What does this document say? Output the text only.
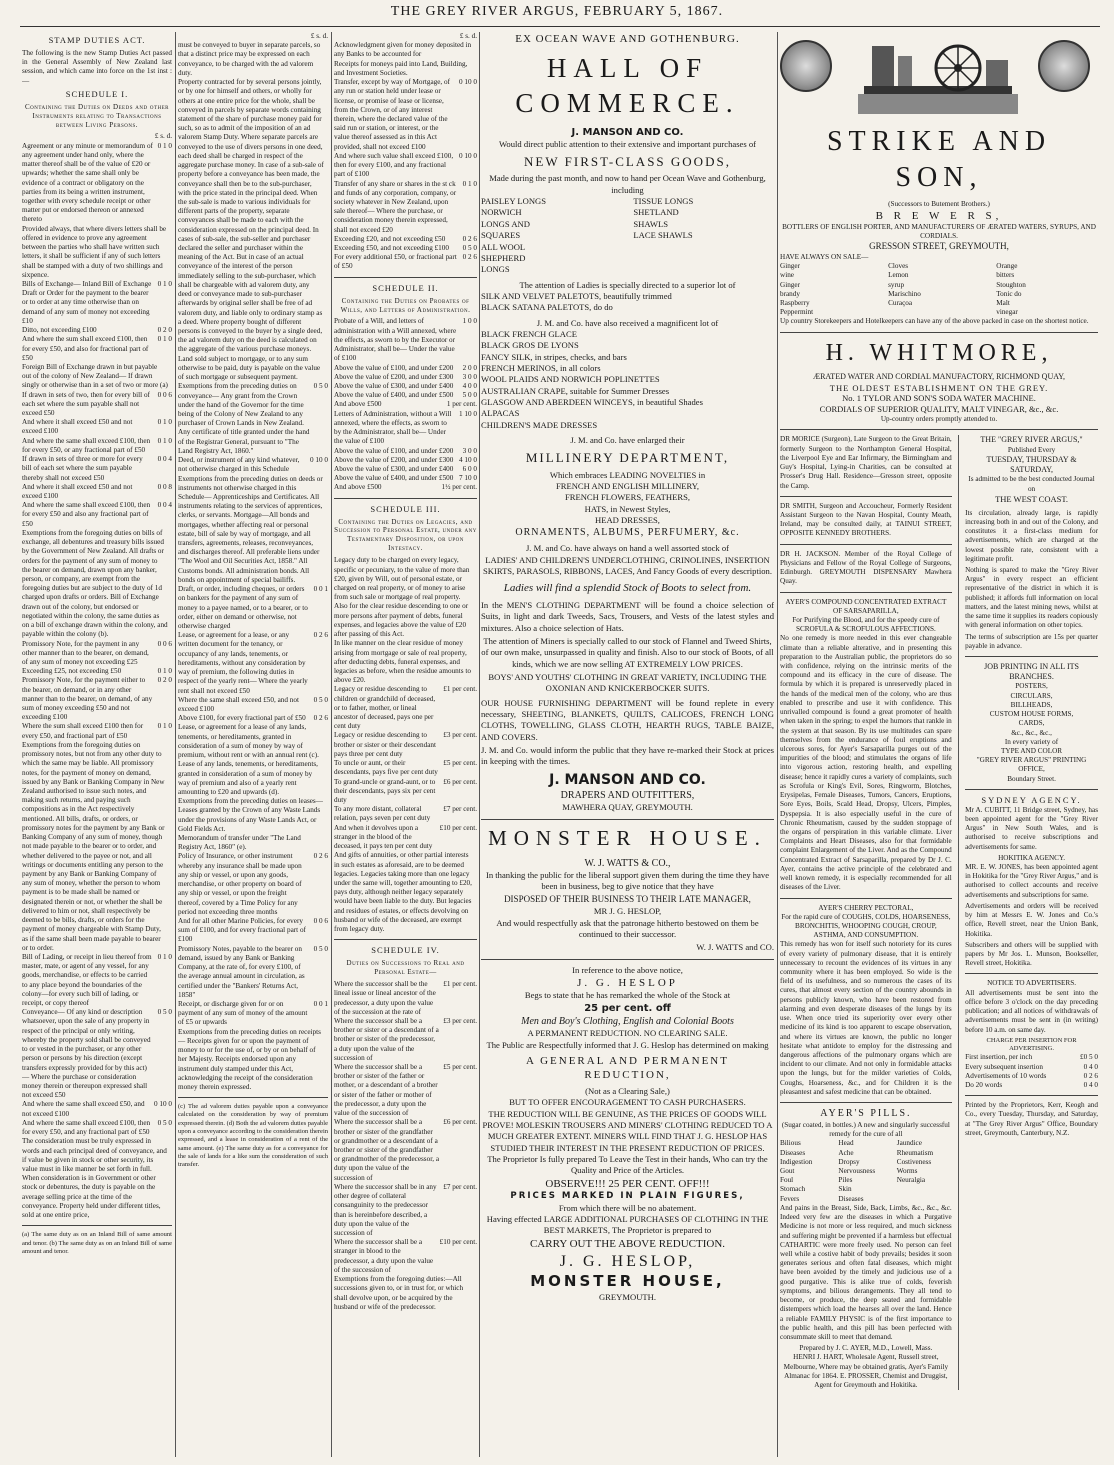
THE GREY RIVER ARGUS, FEBRUARY 5, 1867.
STAMP DUTIES ACT.

The following is the new Stamp Duties Act passed in the General Assembly of New Zealand last session, and which came into force on the 1st inst :—

SCHEDULE I.
Containing the Duties on Deeds and other Instruments relating to Transactions between Living Persons.
£ s. d.
Agreement or any minute or memorandum of any agreement under hand only, where the matter thereof shall be of the value of £20 or upwards; whether the same shall only be evidence of a contract or obligatory on the parties from its being a written instrument, together with every schedule receipt or other matter put or endorsed thereon or annexed thereto
0 1 0
Provided always, that where divers letters shall be offered in evidence to prove any agreement between the parties who shall have written such letters, it shall be sufficient if any of such letters shall be stamped with a duty of two shillings and sixpence.
Bills of Exchange— Inland Bill of Exchange Draft or Order for the payment to the bearer or to order at any time otherwise than on demand of any sum of money not exceeding £10
0 1 0
Ditto, not exceeding £100	0 2 0
And where the sum shall exceed £100, then for every £50, and also for fractional part of £50
0 1 0
Foreign Bill of Exchange drawn in but payable out of the colony of New Zealand— If drawn singly or otherwise than in a set of two or more (a)
If drawn in sets of two, then for every bill of each set where the sum payable shall not exceed £50
0 0 6
And where it shall exceed £50 and not exceed £100
0 1 0
And where the same shall exceed £100, then for every £50, or any fractional part of £50
0 1 0
If drawn in sets of three or more for every bill of each set where the sum payable thereby shall not exceed £50
0 0 4
And where it shall exceed £50 and not exceed £100
0 0 8
And where the same shall exceed £100, then for every £50 and also any fractional part of £50
0 0 4
Exemptions from the foregoing duties on bills of exchange, all debentures and treasury bills issued by the Government of New Zealand. All drafts or orders for the payment of any sum of money to the bearer on demand, drawn upon any banker, person, or company, are exempt from the foregoing duties but are subject to the duty of 1d charged upon drafts or orders. Bill of Exchange drawn out of the colony, but endorsed or negotiated within the colony, the same duties as on a bill of exchange drawn within the colony, and payable within the colony (b).
Promissory Note, for the payment in any other manner than to the bearer, on demand, of any sum of money not exceeding £25
0 0 6
Exceeding £25, not exceeding £50	0 1 0
Promissory Note, for the payment either to the bearer, on demand, or in any other manner than to the bearer, on demand, of any sum of money exceeding £50 and not exceeding £100
0 2 0
Where the sum shall exceed £100 then for every £50, and fractional part of £50
0 1 0
Exemptions from the foregoing duties on promissory notes, but not from any other duty to which the same may be liable. All promissory notes, for the payment of money on demand, issued by any Bank or Banking Company in New Zealand authorised to issue such notes, and making such returns, and paying such compositions as in the Act respectively mentioned. All bills, drafts, or orders, or promissory notes for the payment by any Bank or Banking Company of any sum of money, though not made payable to the bearer or to order, and whether delivered to the payee or not, and all writings or documents entitling any person to the payment by any Bank or Banking Company of any sum of money, whether the person to whom payment is to be made shall be named or designated therein or not, or whether the shall be delivered to him or not, shall respectively be deemed to be bills, drafts, or orders for the payment of money chargeable with Stamp Duty, as if the same shall been made payable to bearer or to order.
Bill of Lading, or receipt in lieu thereof from master, mate, or agent of any vessel, for any goods, merchandise, or effects to be carried to any place beyond the boundaries of the colony—for every such bill of lading, or receipt, or copy thereof
0 1 0
Conveyance— Of any kind or description whatsoever, upon the sale of any property in respect of the principal or only writing, whereby the property sold shall be conveyed to or vested in the purchaser, or any other person or persons by his direction (except transfers expressly provided for by this act)— Where the purchase or consideration money therein or thereupon expressed shall not exceed £50
0 5 0
And where the same shall exceed £50, and not exceed £100
0 10 0
And where the same shall exceed £100, then for every £50, and any fractional part of £50
0 5 0
The consideration must be truly expressed in words and each principal deed of conveyance, and if value be given in stock or other security, its value must in like manner be set forth in full. When consideration is in Government or other stock or debentures, the duty is payable on the average selling price at the time of the conveyance. Property held under different titles, sold at one entire price,

(a) The same duty as on an Inland Bill of same amount and tenor. (b) The same duty as on an Inland Bill of same amount and tenor.

£ s. d.
must be conveyed to buyer in separate parcels, so that a distinct price may be expressed on each conveyance, to be charged with the ad valorem duty.
Property contracted for by several persons jointly, or by one for himself and others, or wholly for others at one entire price for the whole, shall be conveyed in parcels by separate words containing statement of the share of purchase money paid for such, so as to admit of the imposition of an ad valorem Stamp Duty. Where separate parcels are conveyed to the use of divers persons in one deed, each deed shall be charged in respect of the aggregate purchase money. In case of a sub-sale of property before a conveyance has been made, the conveyance shall then be to the sub-purchaser, with the price stated in the principal deed. When the sub-sale is made to various individuals for different parts of the property, separate conveyances shall be made to each with the consideration expressed on the principal deed. In cases of sub-sale, the sub-seller and purchaser declared the seller and purchaser within the meaning of the Act. But in case of an actual conveyance of the interest of the person immediately selling to the sub-purchaser, which shall be chargeable with ad valorem duty, any deed or conveyance made to sub-purchaser afterwards by original seller shall be free of ad valorem duty, and liable only to ordinary stamp as a deed. Where property bought of different persons is conveyed to the buyer by a single deed, the ad valorem duty on the deed is calculated on the aggregate of the various purchase moneys. Land sold subject to mortgage, or to any sum otherwise to be paid, duty is payable on the value of such mortgage or subsequent payment.
Exemptions from the preceding duties on conveyance— Any grant from the Crown under the hand of the Governor for the time being of the Colony of New Zealand to any purchaser of Crown Lands in New Zealand. Any certificate of title granted under the hand of the Registrar General, pursuant to "The Land Registry Act, 1860."
0 5 0
Deed, or instrument of any kind whatever, not otherwise charged in this Schedule
0 10 0
Exemptions from the preceding duties on deeds or instruments not otherwise charged in this Schedule— Apprenticeships and Certificates. All instruments relating to the services of apprentices, clerks, or servants. Mortgage—All bonds and mortgages, whether affecting real or personal estate, bill of sale by way of mortgage, and all transfers, agreements, releases, reconveyances, and discharges thereof. All preferable liens under "The Wool and Oil Securities Act, 1858." All Customs bonds. All administration bonds. All bonds on appointment of special bailiffs.
Draft, or order, including cheques, or orders on bankers for the payment of any sum of money to a payee named, or to a bearer, or to order, either on demand or otherwise, not otherwise charged
0 0 1
Lease, or agreement for a lease, or any written document for the tenancy, or occupancy of any lands, tenements, or hereditaments, without any consideration by way of premium, the following duties in respect of the yearly rent— Where the yearly rent shall not exceed £50
0 2 6
Where the same shall exceed £50, and not exceed £100
0 5 0
Above £100, for every fractional part of £50	0 2 6
Lease, or agreement for a lease of any lands, tenements, or hereditaments, granted in consideration of a sum of money by way of premium, without rent or with an annual rent (c).
Lease of any lands, tenements, or hereditaments, granted in consideration of a sum of money by way of premium and also of a yearly rent amounting to £20 and upwards (d).
Exemptions from the preceding duties on leases— Leases granted by the Crown of any Waste Lands under the provisions of any Waste Lands Act, or Gold Fields Act.
Memorandum of transfer under "The Land Registry Act, 1860" (e).
Policy of Insurance, or other instrument whereby any insurance shall be made upon any ship or vessel, or upon any goods, merchandise, or other property on board of any ship or vessel, or upon the freight thereof, covered by a Time Policy for any period not exceeding three months
0 2 6
And for all other Marine Policies, for every sum of £100, and for every fractional part of £100
0 0 6
Promissory Notes, payable to the bearer on demand, issued by any Bank or Banking Company, at the rate of, for every £100, of the average annual amount in circulation, as certified under the "Bankers' Returns Act, 1858"
0 5 0
Receipt, or discharge given for or on payment of any sum of money of the amount of £5 or upwards
0 0 1
Exemptions from the preceding duties on receipts— Receipts given for or upon the payment of money to or for the use of, or by or on behalf of her Majesty. Receipts endorsed upon any instrument duly stamped under this Act, acknowledging the receipt of the consideration money therein expressed.

(c) The ad valorem duties payable upon a conveyance calculated on the consideration by way of premium expressed therein. (d) Both the ad valorem duties payable upon a conveyance according to the consideration therein expressed, and a lease in consideration of a rent of the same amount. (e) The same duty as for a conveyance for the sale of lands for a like sum the consideration of such transfer.

£ s. d.
Acknowledgment given for money deposited in any Banks to be accounted for
Receipts for moneys paid into Land, Building, and Investment Societies.
Transfer, except by way of Mortgage, of any run or station held under lease or license, or promise of lease or license, from the Crown, or of any interest therein, where the declared value of the said run or station, or interest, or the value thereof assessed as in this Act provided, shall not exceed £100
0 10 0
And where such value shall exceed £100, then for every £100, and any fractional part of £100
0 10 0
Transfer of any share or shares in the st ck and funds of any corporation, company, or society whatever in New Zealand, upon sale thereof— Where the purchase, or consideration money therein expressed, shall not exceed £20
0 1 0
Exceeding £20, and not exceeding £50	0 2 6
Exceeding £50, and not exceeding £100	0 5 0
For every additional £50, or fractional part of £50
0 2 6
SCHEDULE II.
Containing the Duties on Probates of Wills, and Letters of Administration.
Probate of a Will, and letters of administration with a Will annexed, where the effects, as sworn to by the Executor or Administrator, shall be— Under the value of £100
1 0 0
Above the value of £100, and under £200	2 0 0
Above the value of £200, and under £300	3 0 0
Above the value of £300, and under £400	4 0 0
Above the value of £400, and under £500	5 0 0
And above £500	1 per cent.
Letters of Administration, without a Will annexed, where the effects, as sworn to by the Administrator, shall be— Under the value of £100
1 10 0
Above the value of £100, and under £200	3 0 0
Above the value of £200, and under £300 4 10 0
Above the value of £300, and under £400	6 0 0
Above the value of £400, and under £500 7 10 0
And above £500	1½ per cent.
SCHEDULE III.
Containing the Duties on Legacies, and Succession to Personal Estate, under any Testamentary Disposition, or upon Intestacy.
Legacy duty to be charged on every legacy, specific or pecuniary, to the value of more than £20, given by Will, out of personal estate, or charged on real property, or of money to arise from such sale or mortgage of real property.
Also for the clear residue descending to one or more persons after payment of debts, funeral expenses, and legacies above the value of £20 after passing of this Act.
In like manner on the clear residue of money arising from mortgage or sale of real property, after deducting debts, funeral expenses, and legacies as before, when the residue amounts to above £20.
Legacy or residue descending to children or grandchild of deceased, or to father, mother, or lineal ancestor of deceased, pays one per cent duty
£1 per cent.
Legacy or residue descending to brother or sister or their descendant pays three per cent duty
£3 per cent.
To uncle or aunt, or their descendants, pays five per cent duty
£5 per cent.
To grand-uncle or grand-aunt, or to their descendants, pays six per cent duty
£6 per cent.
To any more distant, collateral relation, pays seven per cent duty
£7 per cent.
And when it devolves upon a stranger in the blood of the deceased, it pays ten per cent duty
£10 per cent.
And gifts of annuities, or other partial interests in such estates as aforesaid, are to be deemed legacies. Legacies taking more than one legacy under the same will, together amounting to £20, pays duty, although neither legacy separately would have been liable to the duty. But legacies and residues of estates, or effects devolving on husband or wife of the deceased, are exempt from legacy duty.
SCHEDULE IV.
Duties on Successions to Real and Personal Estate—
Where the successor shall be the lineal issue or lineal ancestor of the predecessor, a duty upon the value of the succession at the rate of
£1 per cent.
Where the successor shall be a brother or sister or a descendant of a brother or sister of the predecessor, a duty upon the value of the succession of
£3 per cent.
Where the successor shall be a brother or sister of the father or mother, or a descendant of a brother or sister of the father or mother of the predecessor, a duty upon the value of the succession of
£5 per cent.
Where the successor shall be a brother or sister of the grandfather or grandmother or a descendant of a brother or sister of the grandfather or grandmother of the predecessor, a duty upon the value of the succession of
£6 per cent.
Where the successor shall be in any other degree of collateral consanguinity to the predecessor than is hereinbefore described, a duty upon the value of the succession of
£7 per cent.
Where the successor shall be a stranger in blood to the predecessor, a duty upon the value of the succession of
£10 per cent.
Exemptions from the foregoing duties:—All successions given to, or in trust for, or which shall devolve upon, or be acquired by the husband or wife of the predecessor.
EX OCEAN WAVE AND GOTHENBURG.
HALL OF COMMERCE.
J. MANSON AND CO.
Would direct public attention to their extensive and important purchases of
NEW FIRST-CLASS GOODS,
Made during the past month, and now to hand per Ocean Wave and Gothenburg, including
PAISLEY LONGS
NORWICH LONGS AND SQUARES
ALL WOOL SHEPHERD LONGS
TISSUE LONGS
SHETLAND SHAWLS
LACE SHAWLS
The attention of Ladies is specially directed to a superior lot of
SILK AND VELVET PALETOTS, beautifully trimmed
BLACK SATANA PALETOTS, do do
J. M. and Co. have also received a magnificent lot of
BLACK FRENCH GLACE
BLACK GROS DE LYONS
FANCY SILK, in stripes, checks, and bars
FRENCH MERINOS, in all colors
WOOL PLAIDS AND NORWICH POPLINETTES
AUSTRALIAN CRAPE, suitable for Summer Dresses
GLASGOW AND ABERDEEN WINCEYS, in beautiful Shades
ALPACAS
CHILDREN'S MADE DRESSES
J. M. and Co. have enlarged their
MILLINERY DEPARTMENT,
Which embraces LEADING NOVELTIES in
FRENCH AND ENGLISH MILLINERY,
FRENCH FLOWERS, FEATHERS,
HATS, in Newest Styles,
HEAD DRESSES,
ORNAMENTS, ALBUMS, PERFUMERY, &c.
J. M. and Co. have always on hand a well assorted stock of
LADIES' AND CHILDREN'S UNDERCLOTHING, CRINOLINES, INSERTION SKIRTS, PARASOLS, RIBBONS, LACES, And Fancy Goods of every description.
Ladies will find a splendid Stock of Boots to select from.

In the MEN'S CLOTHING DEPARTMENT will be found a choice selection of Suits, in light and dark Tweeds, Sacs, Trousers, and Vests of the latest styles and mixtures. Also a choice selection of Hats.

The attention of Miners is specially called to our stock of Flannel and Tweed Shirts, of our own make, unsurpassed in quality and finish. Also to our stock of Boots, of all kinds, which we are now selling AT EXTREMELY LOW PRICES.

BOYS' AND YOUTHS' CLOTHING IN GREAT VARIETY, INCLUDING THE OXONIAN AND KNICKERBOCKER SUITS.

OUR HOUSE FURNISHING DEPARTMENT will be found replete in every necessary, SHEETING, BLANKETS, QUILTS, CALICOES, FRENCH LONG CLOTHS, TOWELLING, GLASS CLOTH, HEARTH RUGS, TABLE BAIZE, AND COVERS.

J. M. and Co. would inform the public that they have re-marked their Stock at prices in keeping with the times.

J. MANSON AND CO.
DRAPERS AND OUTFITTERS,
MAWHERA QUAY, GREYMOUTH.
MONSTER HOUSE.
W. J. WATTS & CO.,

In thanking the public for the liberal support given them during the time they have been in business, beg to give notice that they have

DISPOSED OF THEIR BUSINESS TO THEIR LATE MANAGER,
MR J. G. HESLOP,

And would respectfully ask that the patronage hitherto bestowed on them be continued to their successor.

W. J. WATTS and CO.
In reference to the above notice,
J. G. HESLOP
Begs to state that he has remarked the whole of the Stock at
25 per cent. off
Men and Boy's Clothing, English and Colonial Boots
A PERMANENT REDUCTION. NO CLEARING SALE.
The Public are Respectfully informed that J. G. Heslop has determined on making
A GENERAL AND PERMANENT REDUCTION,
(Not as a Clearing Sale,)
BUT TO OFFER ENCOURAGEMENT TO CASH PURCHASERS.
THE REDUCTION WILL BE GENUINE, AS THE PRICES OF GOODS WILL PROVE! MOLESKIN TROUSERS AND MINERS' CLOTHING REDUCED TO A MUCH GREATER EXTENT. MINERS WILL FIND THAT J. G. HESLOP HAS STUDIED THEIR INTEREST IN THE PRESENT REDUCTION OF PRICES.
The Proprietor Is fully prepared To Leave the Test in their hands, Who can try the Quality and Price of the Articles.
OBSERVE!!! 25 PER CENT. OFF!!!
PRICES MARKED IN PLAIN FIGURES,
From which there will be no abatement.
Having effected LARGE ADDITIONAL PURCHASES OF CLOTHING IN THE BEST MARKETS, The Proprietor is prepared to
CARRY OUT THE ABOVE REDUCTION.
J. G. HESLOP,
MONSTER HOUSE,
GREYMOUTH.
STRIKE AND SON,
(Successors to Butement Brothers.)
B R E W E R S,
BOTTLERS OF ENGLISH PORTER, AND MANUFACTURERS OF ÆRATED WATERS, SYRUPS, AND CORDIALS.
GRESSON STREET, GREYMOUTH,
HAVE ALWAYS ON SALE—
Ginger wine
Ginger brandy
Raspberry
Peppermint
Cloves
Lemon syrup
Marischino
Curaçoa
Orange bitters
Stoughton
Tonic do
Malt vinegar

Up country Storekeepers and Hotelkeepers can have any of the above packed in case on the shortest notice.

H. WHITMORE,
ÆRATED WATER AND CORDIAL MANUFACTORY, RICHMOND QUAY,
THE OLDEST ESTABLISHMENT ON THE GREY.
No. 1 TYLOR AND SON'S SODA WATER MACHINE.
CORDIALS OF SUPERIOR QUALITY, MALT VINEGAR, &c., &c.
Up-country orders promptly attended to.

DR MORICE (Surgeon), Late Surgeon to the Great Britain, formerly Surgeon to the Northampton General Hospital, the Liverpool Eye and Ear Infirmary, the Birmingham and Guy's Hospital, Lying-in Charities, can be consulted at Prosser's Drug Hall. Residence—Gresson street, opposite the Camp.

DR SMITH, Surgeon and Accoucheur, Formerly Resident Assistant Surgeon to the Navan Hospital, County Meath, Ireland, may be consulted daily, at TAINUI STREET, OPPOSITE KENNEDY BROTHERS.

DR H. JACKSON. Member of the Royal College of Physicians and Fellow of the Royal College of Surgeons, Edinburgh. GREYMOUTH DISPENSARY Mawhera Quay.

AYER'S COMPOUND CONCENTRATED EXTRACT OF SARSAPARILLA,
For Purifying the Blood, and for the speedy cure of SCROFULA & SCROFULOUS AFFECTIONS.

No one remedy is more needed in this ever changeable climate than a reliable alterative, and in presenting this preparation to the Australian public, the proprietors do so with confidence, relying on the intrinsic merits of the compound and its efficacy in the cure of disease. The formula by which it is prepared is unreservedly placed in the hands of the medical men of the colony, who are thus enabled to prescribe and use it with confidence. This unrivalled compound is found a great promoter of health when taken in the spring; to expel the humors that rankle in the system at that season. By its use multitudes can spare themselves from the endurance of foul eruptions and ulcerous sores, for Ayer's Sarsaparilla purges out of the impurities of the blood; and stimulates the organs of life into vigorous action, restoring health, and expelling disease; hence it rapidly cures a variety of complaints, such as Scrofula or King's Evil, Sores, Ringworm, Blotches, Erysipelas, Female Diseases, Tumors, Cancers, Eruptions, Sore Eyes, Boils, Scald Head, Dropsy, Ulcers, Pimples, Dyspepsia. It is also especially useful in the cure of Chronic Rheumatism, caused by the sudden stoppage of the organs of perspiration in this variable climate. Liver Complaints and Heart Diseases, also for that formidable complaint Enlargement of the Liver. And as the Compound Concentrated Extract of Sarsaparilla, prepared by Dr J. C. Ayer, contains the active principle of the celebrated and well known remedy, it is especially recommended for all diseases of the Liver.

AYER'S CHERRY PECTORAL,
For the rapid cure of COUGHS, COLDS, HOARSENESS, BRONCHITIS, WHOOPING COUGH, CROUP, ASTHMA, AND CONSUMPTION.

This remedy has won for itself such notoriety for its cures of every variety of pulmonary disease, that it is entirely unnecessary to recount the evidences of its virtues in any community where it has been employed. So wide is the field of its usefulness, and so numerous the cases of its cures, that almost every section of the country abounds in persons publicly known, who have been restored from alarming and even desperate diseases of the lungs by its use. When once tried its superiority over every other medicine of its kind is too apparent to escape observation, and where its virtues are known, the public no longer hesitate what antidote to employ for the distressing and dangerous affections of the pulmonary organs which are incident to our climate. And not only in formidable attacks upon the lungs, but for the milder varieties of Colds, Coughs, Hoarseness, &c., and for Children it is the pleasantest and safest medicine that can be obtained.

AYER'S PILLS.
(Sugar coated, in bottles.) A new and singularly successful remedy for the cure of all
Bilious Diseases
Indigestion
Gout
Foul Stomach
Fevers
Head Ache
Dropsy
Nervousness
Piles
Skin Diseases
Jaundice
Rheumatism
Costiveness
Worms
Neuralgia

And pains in the Breast, Side, Back, Limbs, &c., &c., &c. Indeed very few are the diseases in which a Purgative Medicine is not more or less required, and much sickness and suffering might be prevented if a harmless but effectual CATHARTIC were more freely used. No person can feel well while a costive habit of body prevails; besides it soon generates serious and often fatal diseases, which might have been avoided by the timely and judicious use of a good purgative. This is alike true of colds, feverish symptoms, and bilious derangements. They all tend to become, or produce, the deep seated and formidable distempers which load the hearses all over the land. Hence a reliable FAMILY PHYSIC is of the first importance to the public health, and this pill has been perfected with consummate skill to meet that demand.

Prepared by J. C. AYER, M.D., Lowell, Mass.
HENRI J. HART, Wholesale Agent, Russell street, Melbourne, Where may be obtained gratis, Ayer's Family Almanac for 1864. E. PROSSER, Chemist and Druggist, Agent for Greymouth and Hokitika.
THE "GREY RIVER ARGUS,"
Published Every
TUESDAY, THURSDAY & SATURDAY,
Is admitted to be the best conducted Journal on
THE WEST COAST.

Its circulation, already large, is rapidly increasing both in and out of the Colony, and constitutes it a first-class medium for advertisements, which are charged at the lowest possible rate, consistent with a legitimate profit.

Nothing is spared to make the "Grey River Argus" in every respect an efficient representative of the district in which it is published; it affords full information on local matters, and the latest mining news, whilst at the same time it supplies its readers copiously with general information on other topics.

The terms of subscription are 15s per quarter payable in advance.

JOB PRINTING IN ALL ITS BRANCHES.
POSTERS,
CIRCULARS,
BILLHEADS,
CUSTOM HOUSE FORMS,
CARDS,
&c., &c., &c.,
In every variety of
TYPE AND COLOR
"GREY RIVER ARGUS" PRINTING OFFICE,
Boundary Street.
SYDNEY AGENCY.

Mr A. CUBITT, 11 Bridge street, Sydney, has been appointed agent for the "Grey River Argus" in New South Wales, and is authorised to receive subscriptions and advertisements for same.

HOKITIKA AGENCY.

MR. E. W. JONES, has been appointed agent in Hokitika for the "Grey River Argus," and is authorised to collect accounts and receive advertisements and subscriptions for same.

Advertisements and orders will be received by him at Messrs E. W. Jones and Co.'s office, Revell street, near the Union Bank, Hokitika.

Subscribers and others will be supplied with papers by Mr Jos. L. Munson, Bookseller, Revell street, Hokitika.

NOTICE TO ADVERTISERS.

All advertisements must be sent into the office before 3 o'clock on the day preceding publication; and all notices of withdrawals of advertisements must be sent in (in writing) before 10 a.m. on same day.

CHARGE PER INSERTION FOR ADVERTISING.
First insertion, per inch	£0 5 0
Every subsequent insertion	0 4 0
Advertisements of 10 words	0 2 6
Do 20 words	0 4 0

Printed by the Proprietors, Kerr, Keogh and Co., every Tuesday, Thursday, and Saturday, at "The Grey River Argus" Office, Boundary street, Greymouth, Canterbury, N.Z.
